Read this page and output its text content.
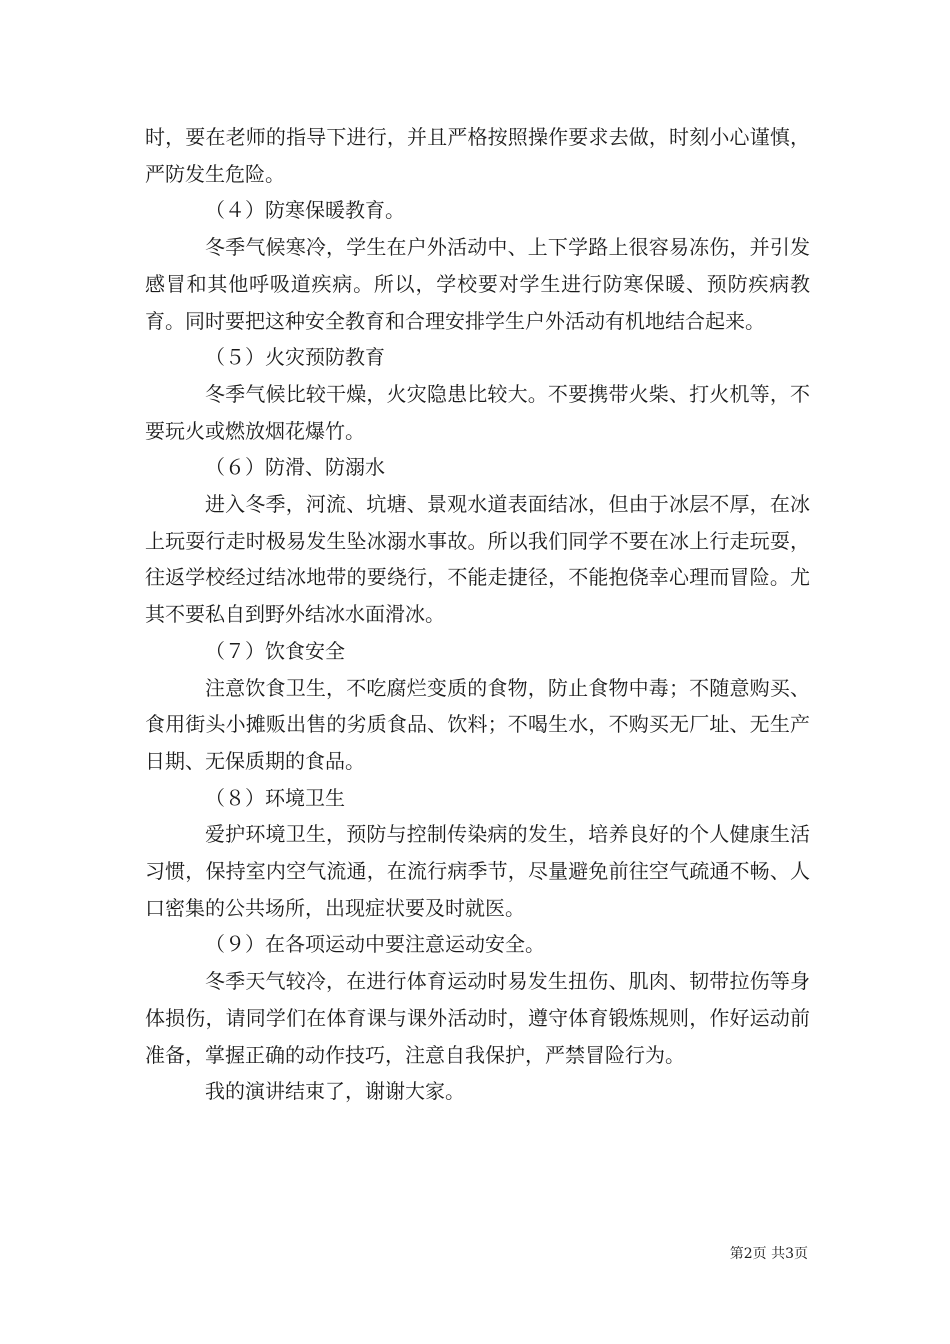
时，要在老师的指导下进行，并且严格按照操作要求去做，时刻小心谨慎，严防发生危险。

（４）防寒保暖教育。

冬季气候寒冷，学生在户外活动中、上下学路上很容易冻伤，并引发感冒和其他呼吸道疾病。所以，学校要对学生进行防寒保暖、预防疾病教育。同时要把这种安全教育和合理安排学生户外活动有机地结合起来。

（５）火灾预防教育

冬季气候比较干燥，火灾隐患比较大。不要携带火柴、打火机等，不要玩火或燃放烟花爆竹。

（６）防滑、防溺水

进入冬季，河流、坑塘、景观水道表面结冰，但由于冰层不厚，在冰上玩耍行走时极易发生坠冰溺水事故。所以我们同学不要在冰上行走玩耍，往返学校经过结冰地带的要绕行，不能走捷径，不能抱侥幸心理而冒险。尤其不要私自到野外结冰水面滑冰。

（７）饮食安全

注意饮食卫生，不吃腐烂变质的食物，防止食物中毒；不随意购买、食用街头小摊贩出售的劣质食品、饮料；不喝生水，不购买无厂址、无生产日期、无保质期的食品。

（８）环境卫生

爱护环境卫生，预防与控制传染病的发生，培养良好的个人健康生活习惯，保持室内空气流通，在流行病季节，尽量避免前往空气疏通不畅、人口密集的公共场所，出现症状要及时就医。

（９）在各项运动中要注意运动安全。

冬季天气较冷，在进行体育运动时易发生扭伤、肌肉、韧带拉伤等身体损伤，请同学们在体育课与课外活动时，遵守体育锻炼规则，作好运动前准备，掌握正确的动作技巧，注意自我保护，严禁冒险行为。

我的演讲结束了，谢谢大家。

第2页 共3页
